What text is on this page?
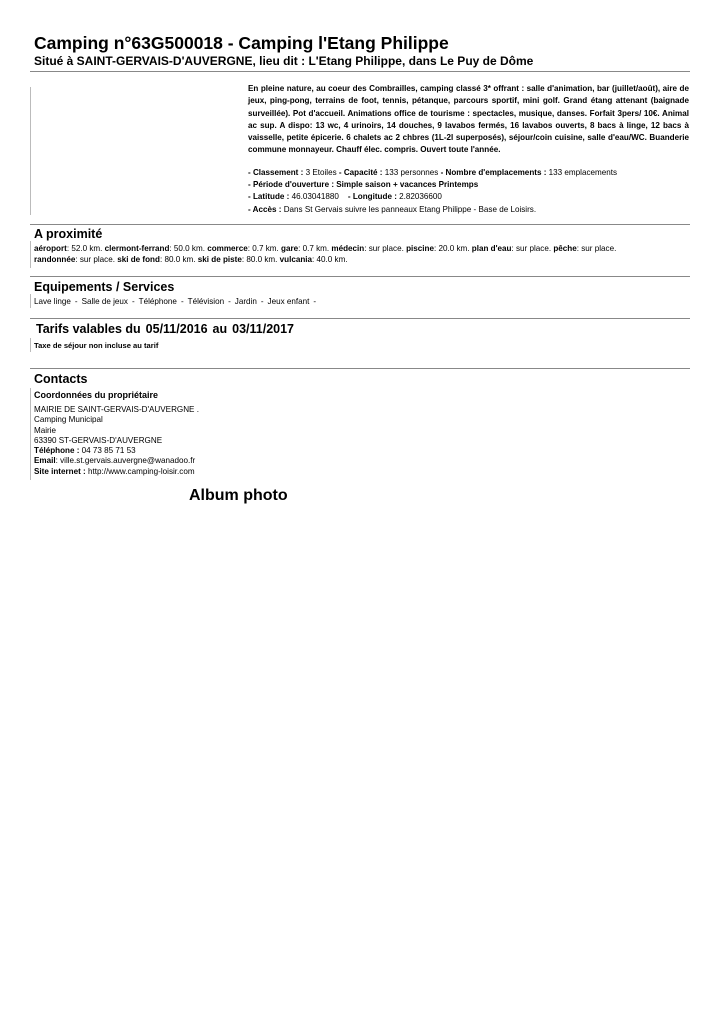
Camping n°63G500018 - Camping l'Etang Philippe
Situé à SAINT-GERVAIS-D'AUVERGNE, lieu dit : L'Etang Philippe, dans Le Puy de Dôme

En pleine nature, au coeur des Combrailles, camping classé 3* offrant : salle d'animation, bar (juillet/août), aire de jeux, ping-pong, terrains de foot, tennis, pétanque, parcours sportif, mini golf. Grand étang attenant (baignade surveillée). Pot d'accueil. Animations office de tourisme : spectacles, musique, danses. Forfait 3pers/ 10€. Animal ac sup. A dispo: 13 wc, 4 urinoirs, 14 douches, 9 lavabos fermés, 16 lavabos ouverts, 8 bacs à linge, 12 bacs à vaisselle, petite épicerie. 6 chalets ac 2 chbres (1L-2l superposés), séjour/coin cuisine, salle d'eau/WC. Buanderie commune monnayeur. Chauff élec. compris. Ouvert toute l'année.

- Classement : 3 Etoiles - Capacité : 133 personnes - Nombre d'emplacements : 133 emplacements
- Période d'ouverture : Simple saison + vacances Printemps
- Latitude : 46.03041880 - Longitude : 2.82036600
- Accès : Dans St Gervais suivre les panneaux Etang Philippe - Base de Loisirs.
A proximité

aéroport: 52.0 km. clermont-ferrand: 50.0 km. commerce: 0.7 km. gare: 0.7 km. médecin: sur place. piscine: 20.0 km. plan d'eau: sur place. pêche: sur place. randonnée: sur place. ski de fond: 80.0 km. ski de piste: 80.0 km. vulcania: 40.0 km.

Equipements / Services

Lave linge - Salle de jeux - Téléphone - Télévision - Jardin - Jeux enfant -

Tarifs valables du 05/11/2016 au 03/11/2017

Taxe de séjour non incluse au tarif

Contacts

Coordonnées du propriétaire

MAIRIE DE SAINT-GERVAIS-D'AUVERGNE .
Camping Municipal
Mairie
63390 ST-GERVAIS-D'AUVERGNE
Téléphone : 04 73 85 71 53
Email: ville.st.gervais.auvergne@wanadoo.fr
Site internet : http://www.camping-loisir.com
Album photo
